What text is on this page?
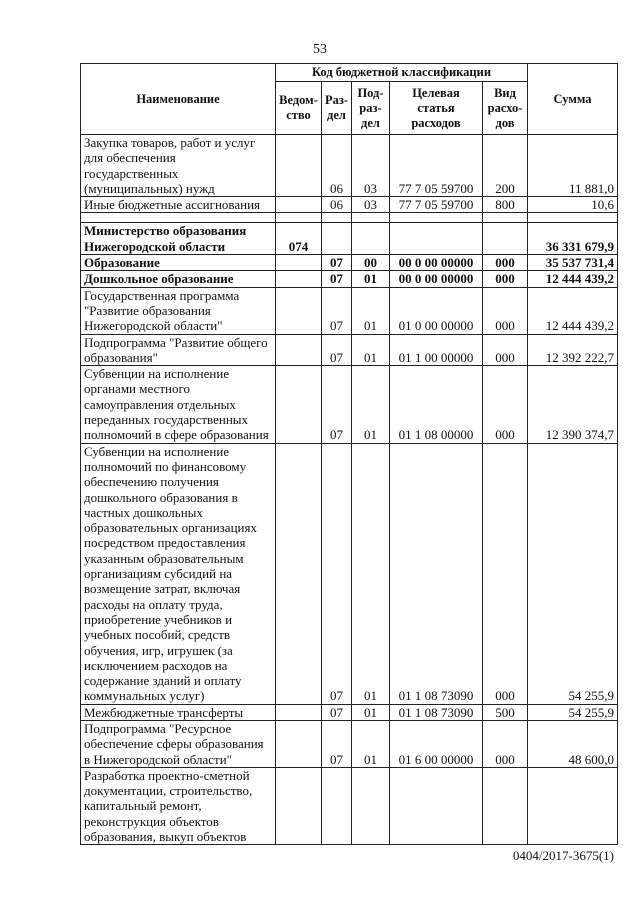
53
Наименование	Код бюджетной классификации					Сумма
	Ведом-ство	Раз-дел	Под-раз-дел	Целевая статья расходов	Вид расхо-дов	
Закупка товаров, работ и услуг для обеспечения государственных (муниципальных) нужд		06	03	77 7 05 59700	200	11 881,0
Иные бюджетные ассигнования		06	03	77 7 05 59700	800	10,6

Министерство образования Нижегородской области	074					36 331 679,9
Образование		07	00	00 0 00 00000	000	35 537 731,4
Дошкольное образование		07	01	00 0 00 00000	000	12 444 439,2
Государственная программа "Развитие образования Нижегородской области"		07	01	01 0 00 00000	000	12 444 439,2
Подпрограмма "Развитие общего образования"		07	01	01 1 00 00000	000	12 392 222,7
Субвенции на исполнение органами местного самоуправления отдельных переданных государственных полномочий в сфере образования		07	01	01 1 08 00000	000	12 390 374,7
Субвенции на исполнение полномочий по финансовому обеспечению получения дошкольного образования в частных дошкольных образовательных организациях посредством предоставления указанным образовательным организациям субсидий на возмещение затрат, включая расходы на оплату труда, приобретение учебников и учебных пособий, средств обучения, игр, игрушек (за исключением расходов на содержание зданий и оплату коммунальных услуг)		07	01	01 1 08 73090	000	54 255,9
Межбюджетные трансферты		07	01	01 1 08 73090	500	54 255,9
Подпрограмма "Ресурсное обеспечение сферы образования в Нижегородской области"		07	01	01 6 00 00000	000	48 600,0
Разработка проектно-сметной документации, строительство, капитальный ремонт, реконструкция объектов образования, выкуп объектов						
0404/2017-3675(1)
